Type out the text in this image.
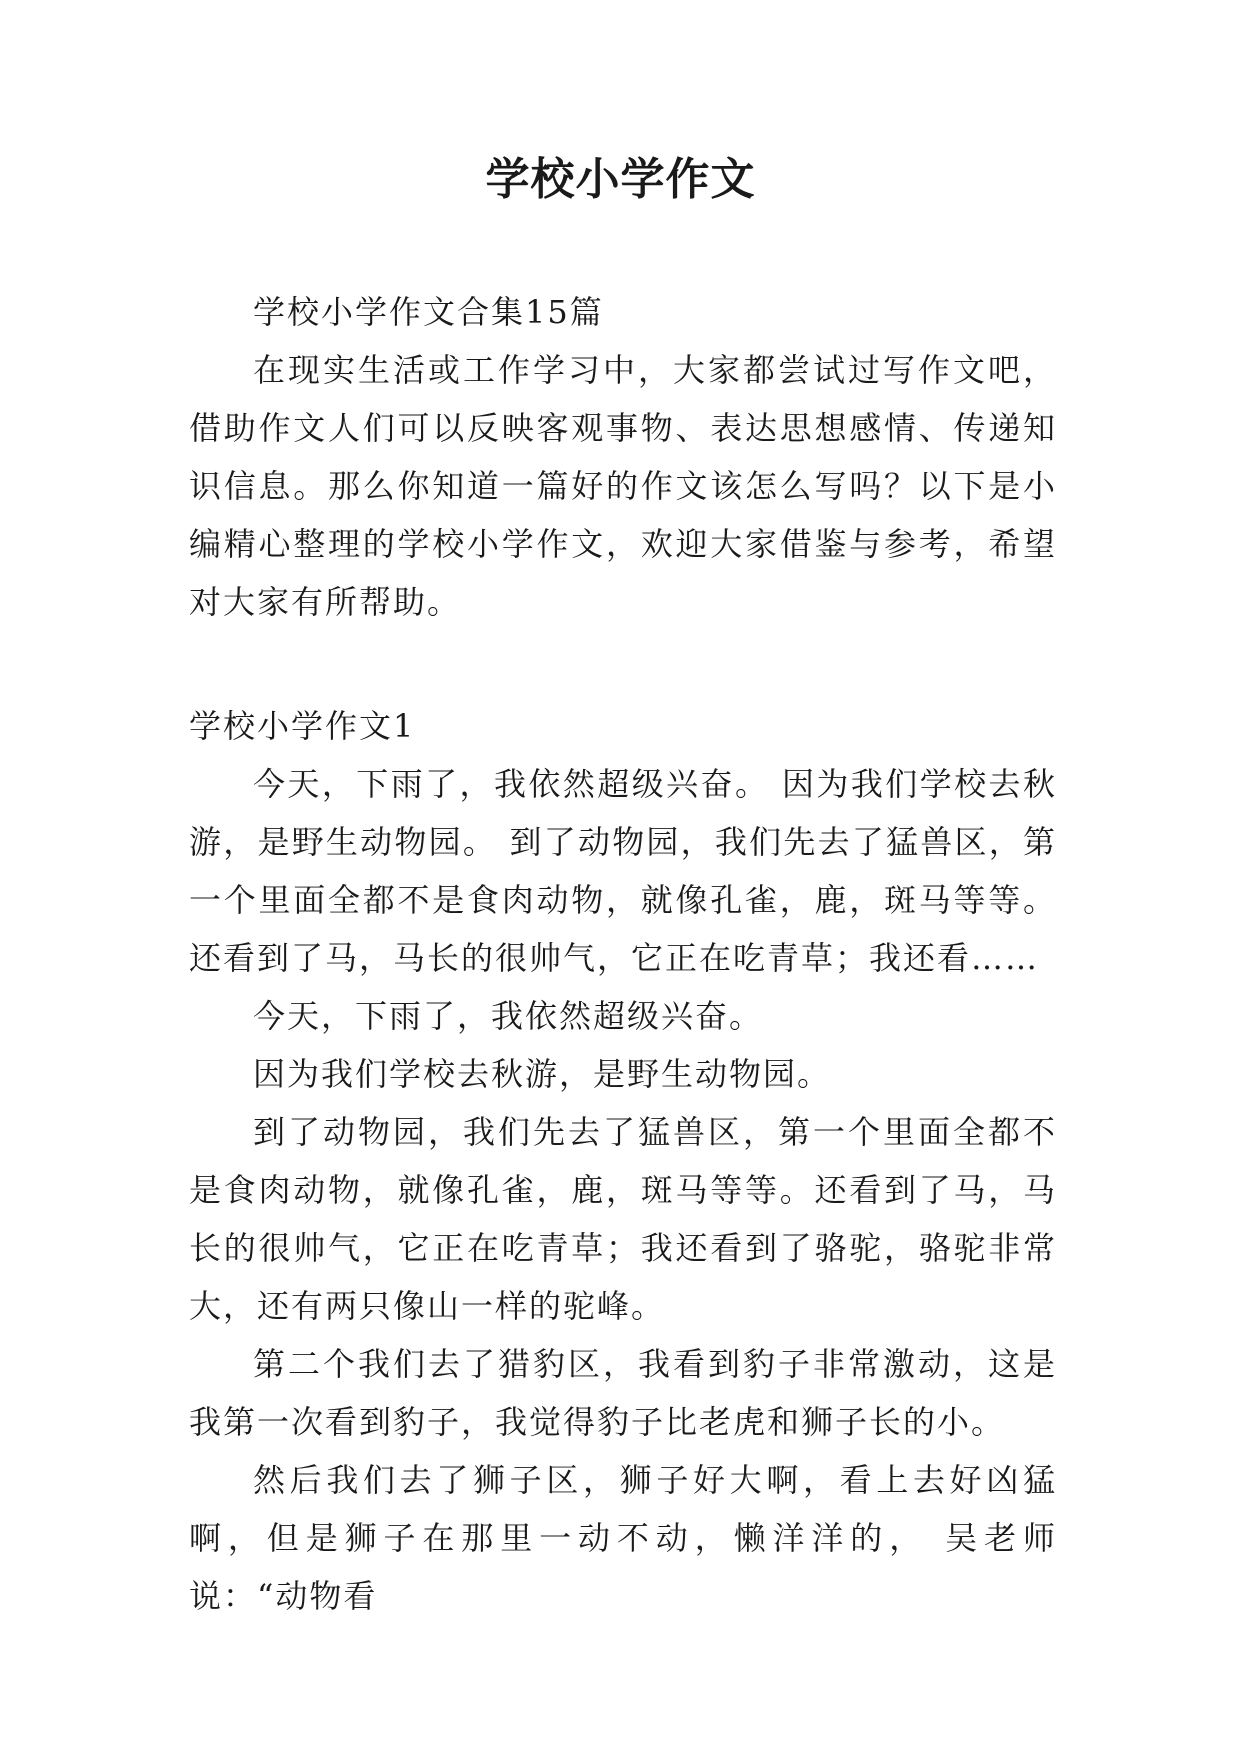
学校小学作文

学校小学作文合集15篇

在现实生活或工作学习中，大家都尝试过写作文吧，借助作文人们可以反映客观事物、表达思想感情、传递知识信息。那么你知道一篇好的作文该怎么写吗？以下是小编精心整理的学校小学作文，欢迎大家借鉴与参考，希望对大家有所帮助。

学校小学作文1

今天，下雨了，我依然超级兴奋。 因为我们学校去秋游，是野生动物园。 到了动物园，我们先去了猛兽区，第一个里面全都不是食肉动物，就像孔雀，鹿，斑马等等。还看到了马，马长的很帅气，它正在吃青草；我还看……

今天，下雨了，我依然超级兴奋。

因为我们学校去秋游，是野生动物园。

到了动物园，我们先去了猛兽区，第一个里面全都不是食肉动物，就像孔雀，鹿，斑马等等。还看到了马，马长的很帅气，它正在吃青草；我还看到了骆驼，骆驼非常大，还有两只像山一样的驼峰。

第二个我们去了猎豹区，我看到豹子非常激动，这是我第一次看到豹子，我觉得豹子比老虎和狮子长的小。

然后我们去了狮子区，狮子好大啊，看上去好凶猛啊，但是狮子在那里一动不动，懒洋洋的， 吴老师说：“动物看
